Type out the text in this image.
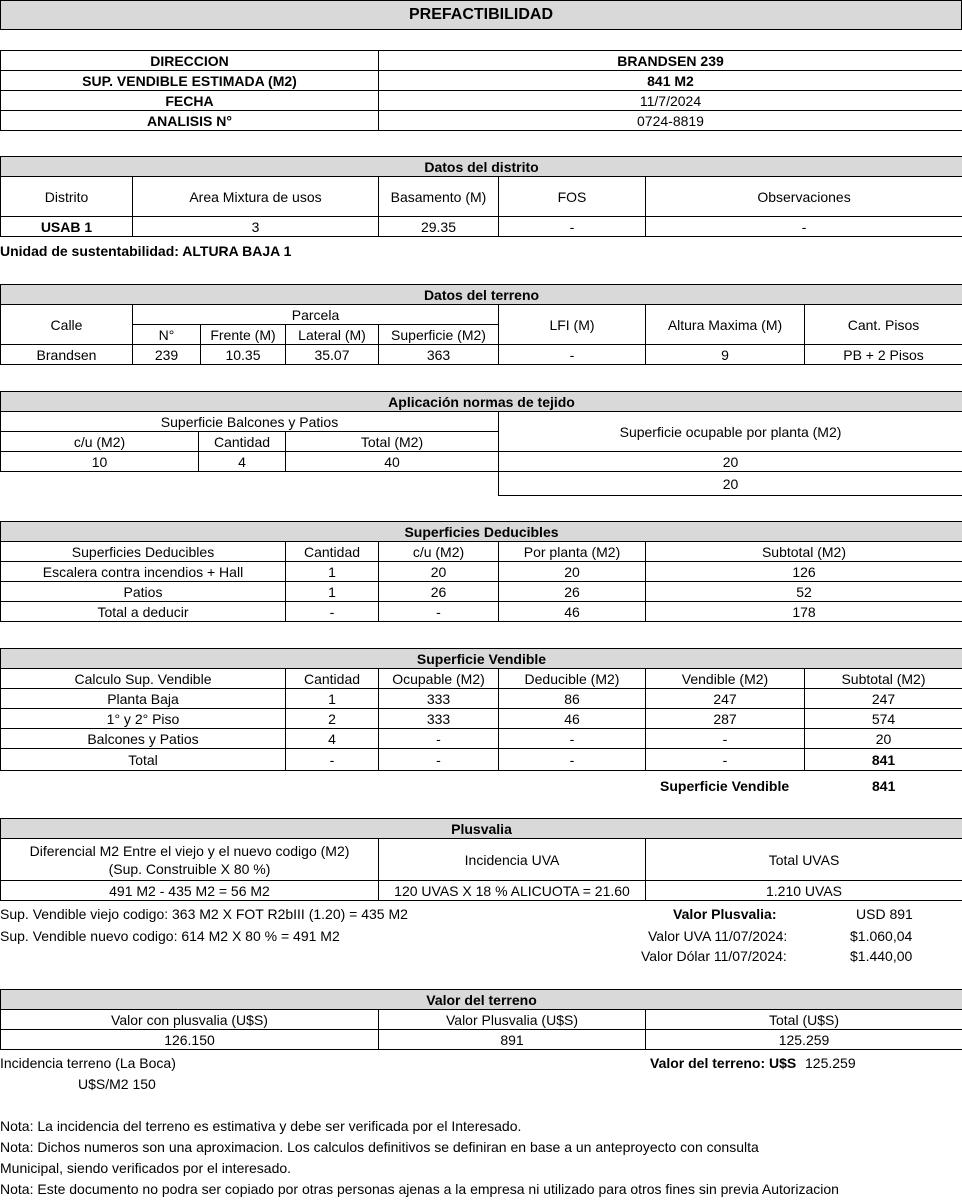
PREFACTIBILIDAD
DIRECCION	BRANDSEN 239
SUP. VENDIBLE ESTIMADA (M2)	841 M2
FECHA	11/7/2024
ANALISIS N°	0724-8819
Datos del distrito				
Distrito	Area Mixtura de usos	Basamento (M)	FOS	Observaciones
USAB 1	3	29.35	-	-
Unidad de sustentabilidad: ALTURA BAJA 1
Datos del terreno							
Calle	Parcela				LFI (M)	Altura Maxima (M)	Cant. Pisos
	N°	Frente (M)	Lateral (M)	Superficie (M2)			
Brandsen	239	10.35	35.07	363	-	9	PB + 2 Pisos
Aplicación normas de tejido			
Superficie Balcones y Patios			Superficie ocupable por planta (M2)
c/u (M2)	Cantidad	Total (M2)	
10	4	40	20
			20
Superficies Deducibles				
Superficies Deducibles	Cantidad	c/u (M2)	Por planta (M2)	Subtotal (M2)
Escalera contra incendios + Hall	1	20	20	126
Patios	1	26	26	52
Total a deducir	-	-	46	178
Superficie Vendible					
Calculo Sup. Vendible	Cantidad	Ocupable (M2)	Deducible (M2)	Vendible (M2)	Subtotal (M2)
Planta Baja	1	333	86	247	247
1° y 2° Piso	2	333	46	287	574
Balcones y Patios	4	-	-	-	20
Total	-	-	-	-	841
Superficie Vendible	841
Plusvalia		

Diferencial M2 Entre el viejo y el nuevo codigo (M2)
(Sup. Construible X 80 %)	Incidencia UVA	Total UVAS
491 M2 - 435 M2 = 56 M2	120 UVAS X 18 % ALICUOTA = 21.60	1.210 UVAS
Sup. Vendible viejo codigo: 363 M2 X FOT R2bIII (1.20) = 435 M2
Sup. Vendible nuevo codigo: 614 M2 X 80 % = 491 M2
Valor Plusvalia:	USD 891
Valor UVA 11/07/2024:	$1.060,04
Valor Dólar 11/07/2024:	$1.440,00
Valor del terreno		
Valor con plusvalia (U$S)	Valor Plusvalia (U$S)	Total (U$S)
126.150	891	125.259
Incidencia terreno (La Boca)
U$S/M2 150
Valor del terreno: U$S 125.259
Nota: La incidencia del terreno es estimativa y debe ser verificada por el Interesado.
Nota: Dichos numeros son una aproximacion. Los calculos definitivos se definiran en base a un anteproyecto con consulta
Municipal, siendo verificados por el interesado.
Nota: Este documento no podra ser copiado por otras personas ajenas a la empresa ni utilizado para otros fines sin previa Autorizacion
